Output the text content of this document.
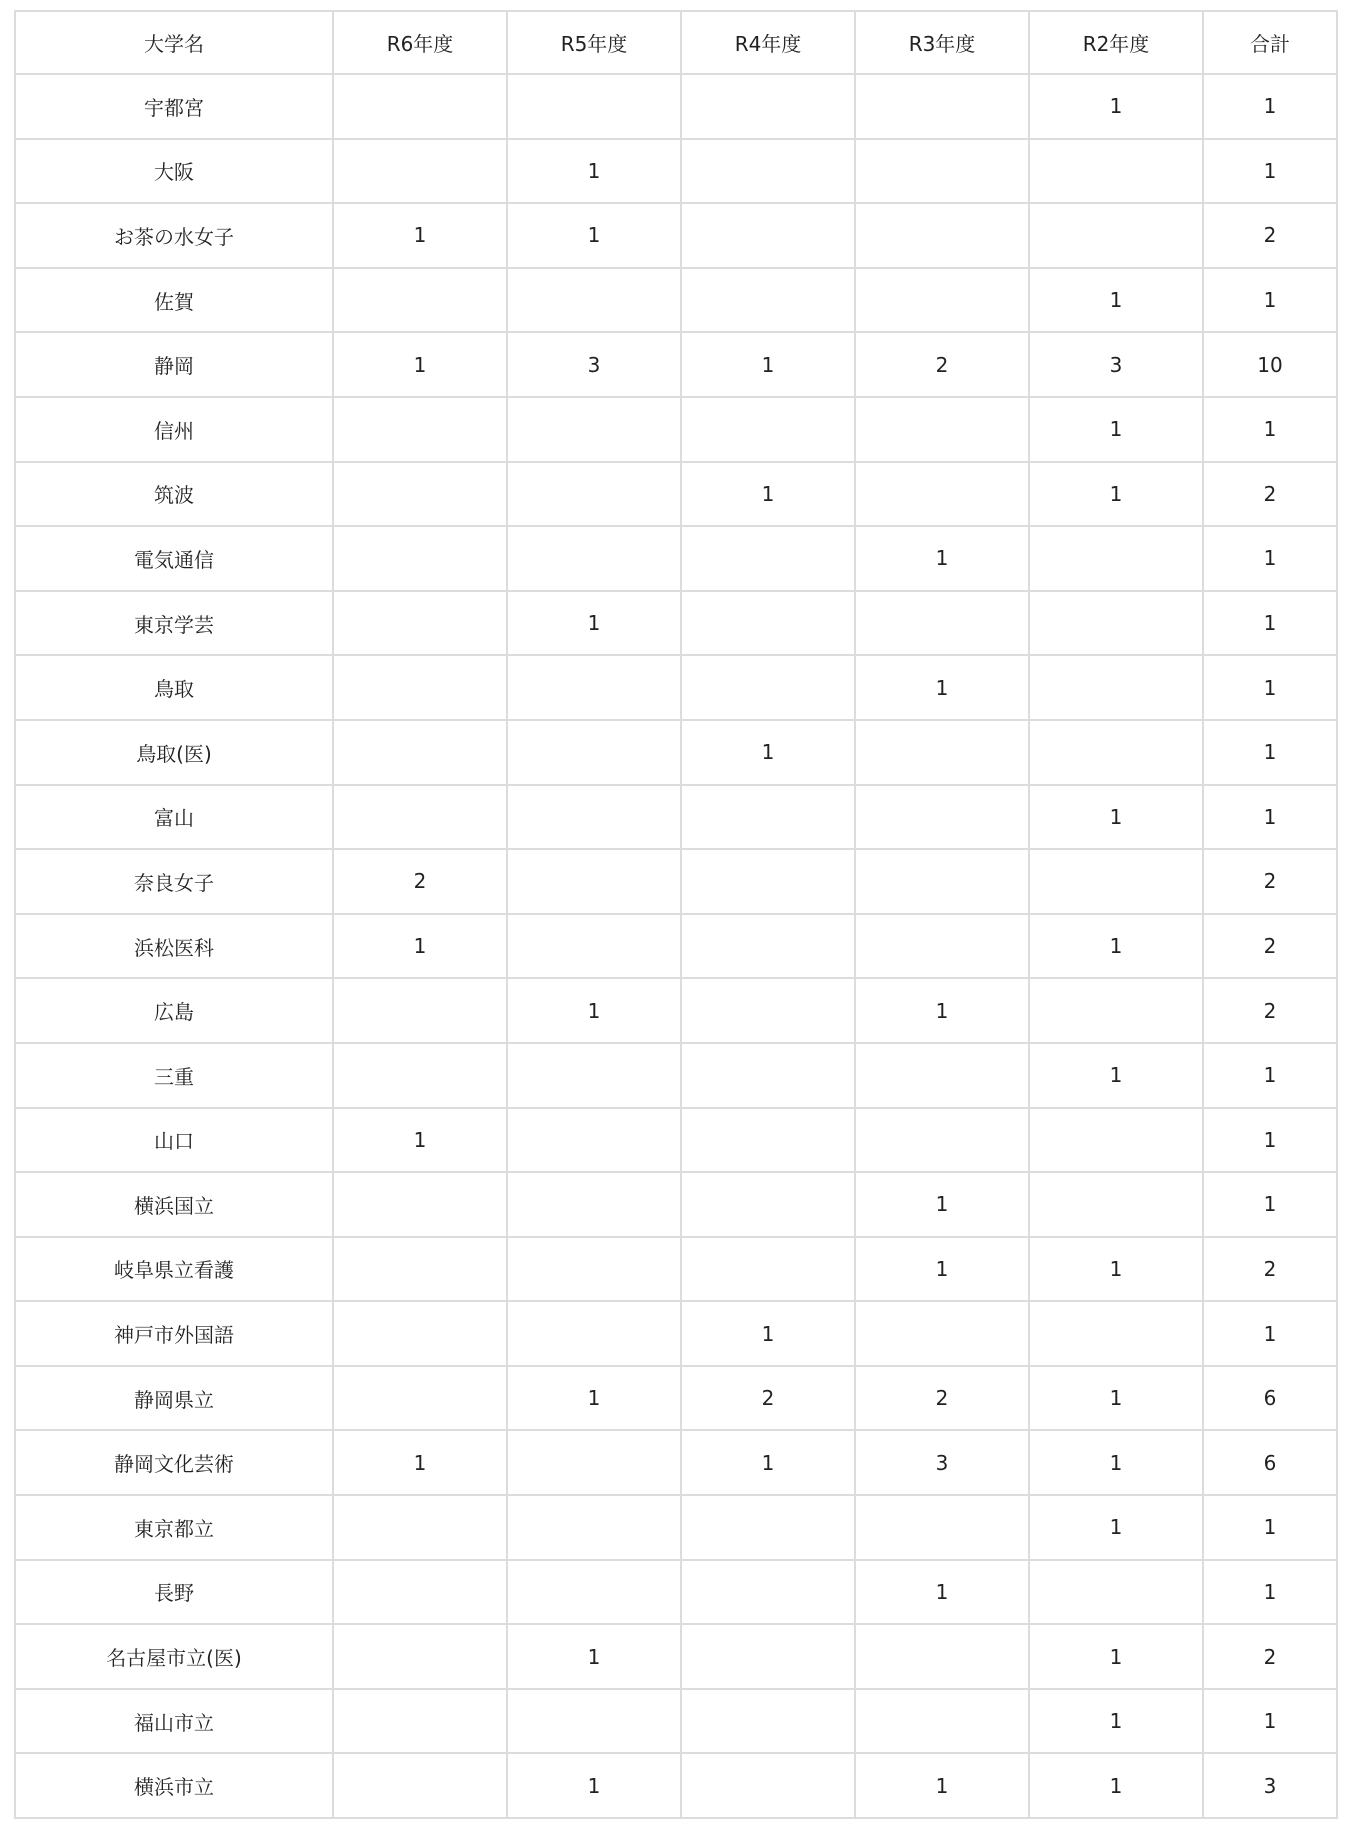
大学名	R6年度	R5年度	R4年度	R3年度	R2年度	合計
宇都宮					1	1
大阪		1				1
お茶の水女子	1	1				2
佐賀					1	1
静岡	1	3	1	2	3	10
信州					1	1
筑波			1		1	2
電気通信				1		1
東京学芸		1				1
鳥取				1		1
鳥取(医)			1			1
富山					1	1
奈良女子	2					2
浜松医科	1				1	2
広島		1		1		2
三重					1	1
山口	1					1
横浜国立				1		1
岐阜県立看護				1	1	2
神戸市外国語			1			1
静岡県立		1	2	2	1	6
静岡文化芸術	1		1	3	1	6
東京都立					1	1
長野				1		1
名古屋市立(医)		1			1	2
福山市立					1	1
横浜市立		1		1	1	3
